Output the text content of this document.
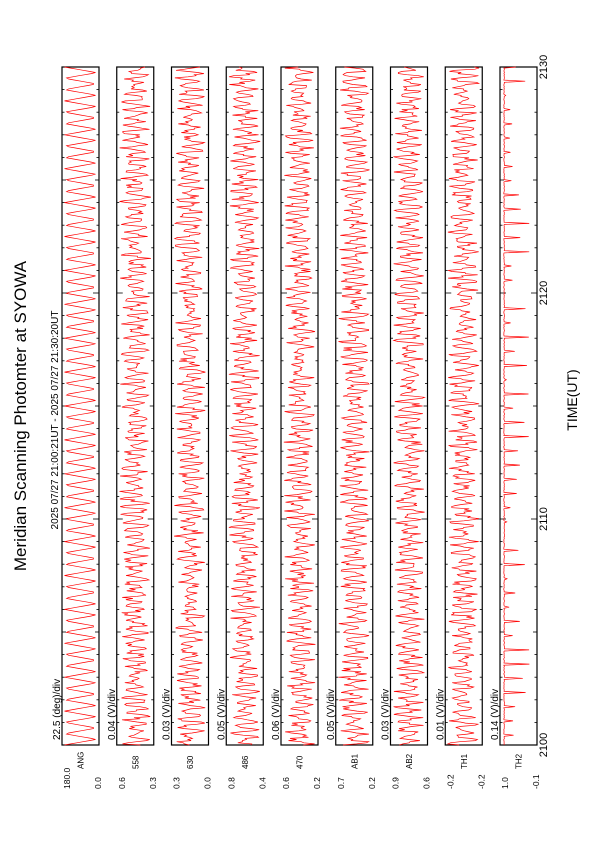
Meridian Scanning Photomter at SYOWA 2025 07/27 21:00:21UT - 2025 07/27 21:30:20UT	TIME(UT)
22.5 (deg)/div
180.0 0.0
ANG
0.04 (V)/div
0.6 0.3
558
0.03 (V)/div
0.3 0.0
630
0.05 (V)/div
0.8 0.4
486
0.06 (V)/div
0.6 0.2
470
0.05 (V)/div
0.7 0.2
AB1
0.03 (V)/div
0.9 0.6
AB2
0.01 (V)/div
-0.2 -0.2
TH1
0.14 (V)/div
1.0 -0.1
TH2
2100
2110
2120
2130
